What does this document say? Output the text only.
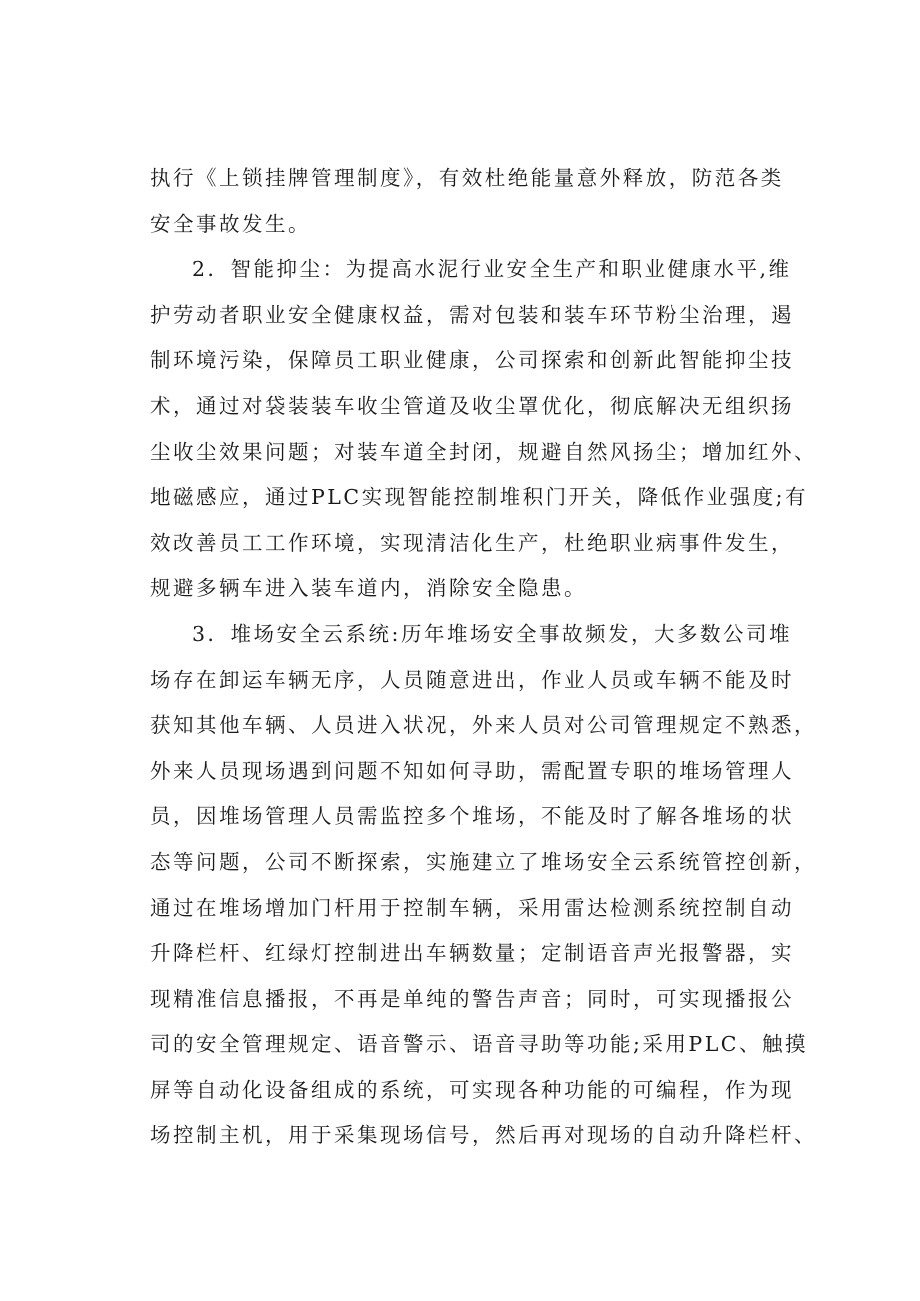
执行《上锁挂牌管理制度》，有效杜绝能量意外释放，防范各类
安全事故发生。
2．智能抑尘：为提高水泥行业安全生产和职业健康水平,维
护劳动者职业安全健康权益，需对包装和装车环节粉尘治理，遏
制环境污染，保障员工职业健康，公司探索和创新此智能抑尘技
术，通过对袋装装车收尘管道及收尘罩优化，彻底解决无组织扬
尘收尘效果问题；对装车道全封闭，规避自然风扬尘；增加红外、
地磁感应，通过PLC实现智能控制堆积门开关，降低作业强度;有
效改善员工工作环境，实现清洁化生产，杜绝职业病事件发生，
规避多辆车进入装车道内，消除安全隐患。
3．堆场安全云系统:历年堆场安全事故频发，大多数公司堆
场存在卸运车辆无序，人员随意进出，作业人员或车辆不能及时
获知其他车辆、人员进入状况，外来人员对公司管理规定不熟悉，
外来人员现场遇到问题不知如何寻助，需配置专职的堆场管理人
员，因堆场管理人员需监控多个堆场，不能及时了解各堆场的状
态等问题，公司不断探索，实施建立了堆场安全云系统管控创新，
通过在堆场增加门杆用于控制车辆，采用雷达检测系统控制自动
升降栏杆、红绿灯控制进出车辆数量；定制语音声光报警器，实
现精准信息播报，不再是单纯的警告声音；同时，可实现播报公
司的安全管理规定、语音警示、语音寻助等功能;采用PLC、触摸
屏等自动化设备组成的系统，可实现各种功能的可编程，作为现
场控制主机，用于采集现场信号，然后再对现场的自动升降栏杆、
